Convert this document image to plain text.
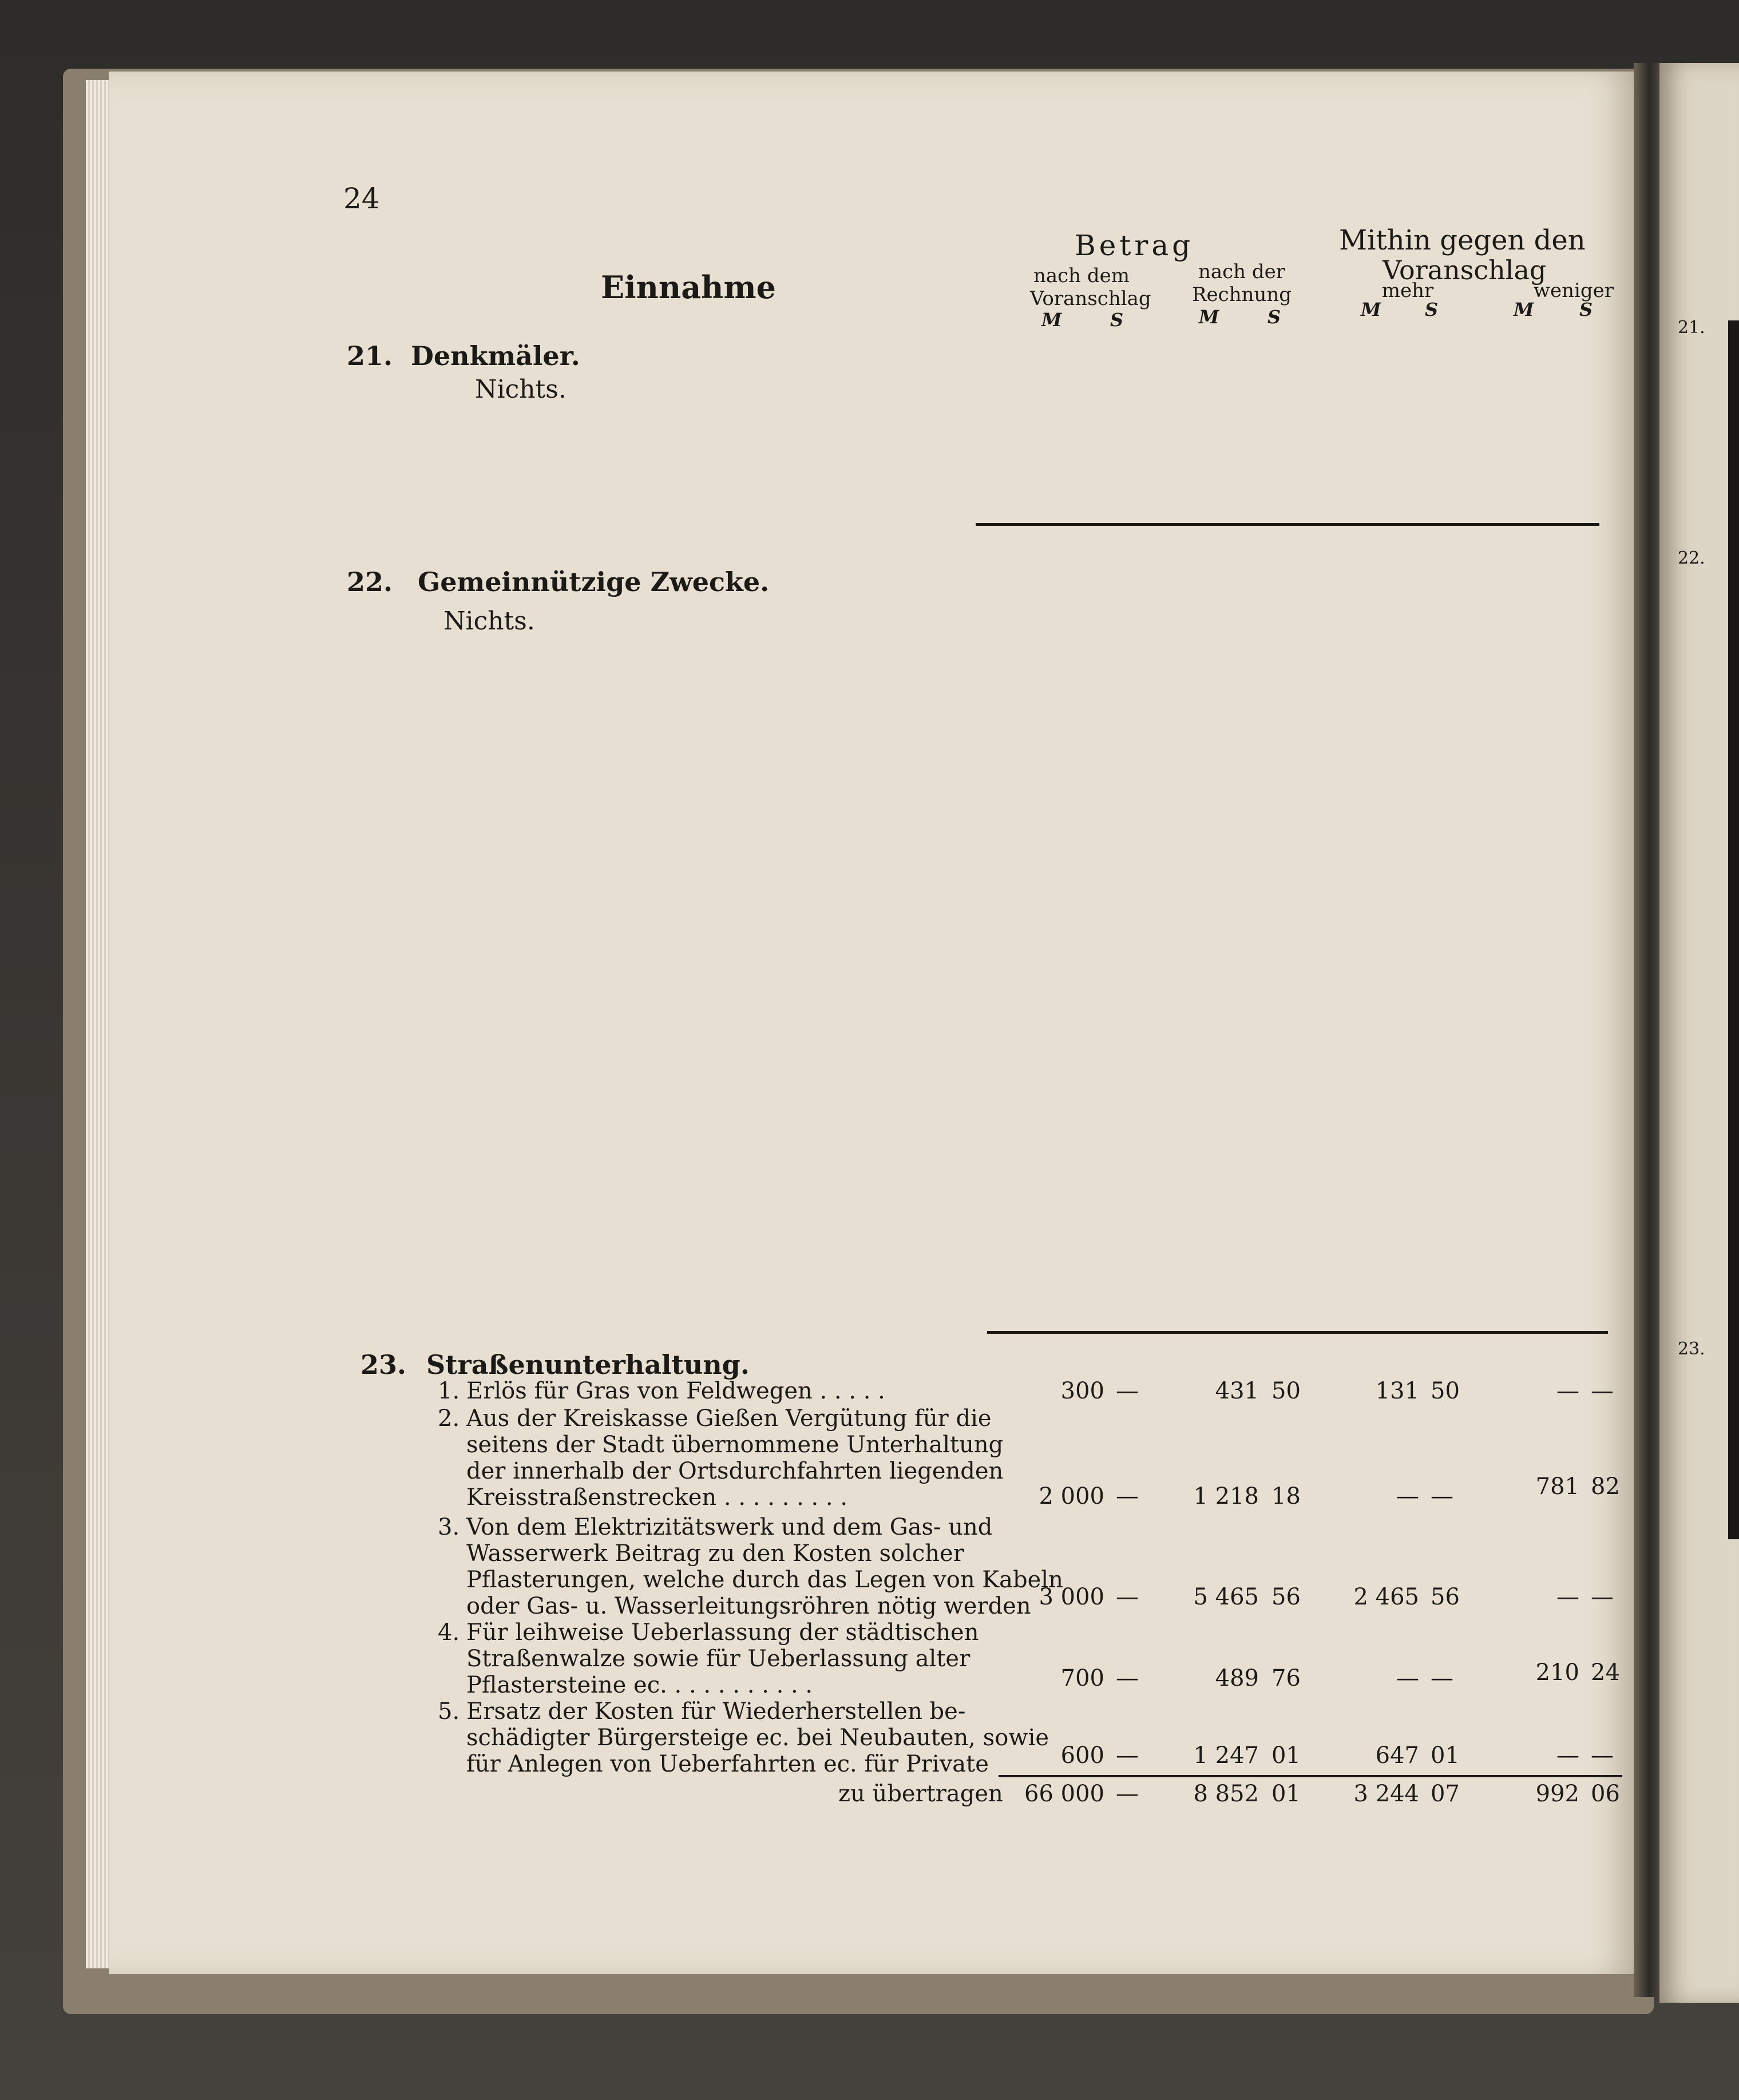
21.
22.
23.
24
Einnahme
Betrag	Mithin gegen den
Voranschlag
nach dem
Voranschlag
nach der
Rechnung	mehr	weniger
M	S	M	S	M S	M S
21. Denkmäler.
Nichts.
22. Gemeinnützige Zwecke.
Nichts.
23. Straßenunterhaltung.
1. Erlös für Gras von Feldwegen . . . . .	300 —	431 50	131 50	— —
2. Aus der Kreiskasse Gießen Vergütung für die
seitens der Stadt übernommene Unterhaltung
der innerhalb der Ortsdurchfahrten liegenden
Kreisstraßenstrecken . . . . . . . . .	2 000 —	1 218 18	— —	781 82
3. Von dem Elektrizitätswerk und dem Gas- und
Wasserwerk Beitrag zu den Kosten solcher
Pflasterungen, welche durch das Legen von Kabeln
oder Gas- u. Wasserleitungsröhren nötig werden 3 000 —	5 465 56	2 465 56	— —
4. Für leihweise Ueberlassung der städtischen
Straßenwalze sowie für Ueberlassung alter
Pflastersteine ec. . . . . . . . . . .	700 —	489 76	— —	210 24
5. Ersatz der Kosten für Wiederherstellen be-
schädigter Bürgersteige ec. bei Neubauten, sowie
für Anlegen von Ueberfahrten ec. für Private	600 —	1 247 01	647 01	— —
zu übertragen 66 000 —	8 852 01	3 244 07	992 06
